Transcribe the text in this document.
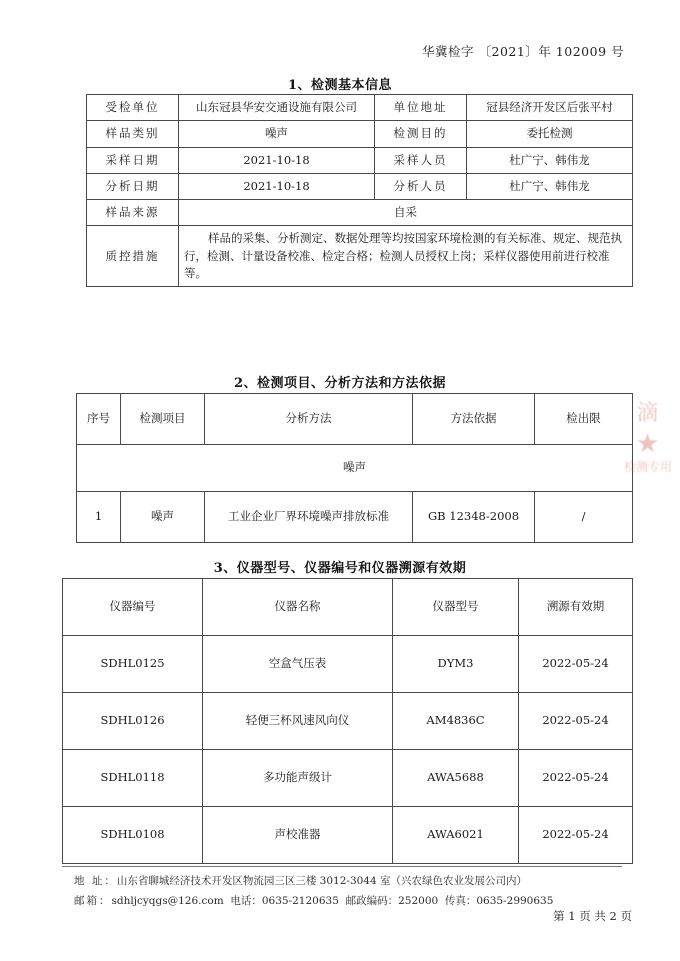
华冀检字 〔2021〕年 102009 号
1、检测基本信息
受检单位	山东冠县华安交通设施有限公司	单位地址	冠县经济开发区后张平村
样品类别	噪声	检测目的	委托检测
采样日期	2021-10-18	采样人员	杜广宁、韩伟龙
分析日期	2021-10-18	分析人员	杜广宁、韩伟龙
样品来源	自采		
质控措施	样品的采集、分析测定、数据处理等均按国家环境检测的有关标准、规定、规范执行，检测、计量设备校准、检定合格；检测人员授权上岗；采样仪器使用前进行校准等。		
2、检测项目、分析方法和方法依据
序号	检测项目	分析方法	方法依据	检出限
噪声				
1	噪声	工业企业厂界环境噪声排放标准	GB 12348-2008	/
3、仪器型号、仪器编号和仪器溯源有效期
仪器编号	仪器名称	仪器型号	溯源有效期
SDHL0125	空盒气压表	DYM3	2022-05-24
SDHL0126	轻便三杯风速风向仪	AM4836C	2022-05-24
SDHL0118	多功能声级计	AWA5688	2022-05-24
SDHL0108	声校准器	AWA6021	2022-05-24
滴
★
检测专用
地 址：山东省聊城经济技术开发区物流园三区三楼 3012-3044 室（兴农绿色农业发展公司内）
邮箱：sdhljcyqgs@126.com 电话：0635-2120635 邮政编码：252000 传真：0635-2990635
第 1 页 共 2 页
